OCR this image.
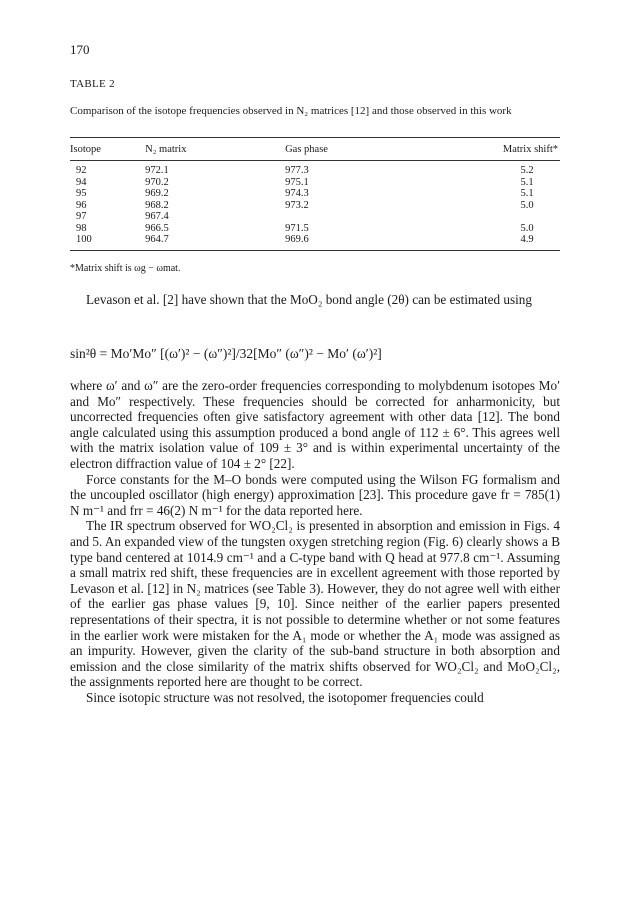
170
TABLE 2
Comparison of the isotope frequencies observed in N₂ matrices [12] and those observed in this work
Isotope	N₂ matrix	Gas phase	Matrix shift*
92	972.1	977.3	5.2
94	970.2	975.1	5.1
95	969.2	974.3	5.1
96	968.2	973.2	5.0
97	967.4		
98	966.5	971.5	5.0
100	964.7	969.6	4.9
*Matrix shift is ωg − ωmat.

Levason et al. [2] have shown that the MoO₂ bond angle (2θ) can be estimated using

sin²θ = Mo′Mo″ [(ω′)² − (ω″)²]/32[Mo″ (ω″)² − Mo′ (ω′)²]

where ω′ and ω″ are the zero-order frequencies corresponding to molybdenum isotopes Mo′ and Mo″ respectively. These frequencies should be corrected for anharmonicity, but uncorrected frequencies often give satisfactory agreement with other data [12]. The bond angle calculated using this assumption produced a bond angle of 112 ± 6°. This agrees well with the matrix isolation value of 109 ± 3° and is within experimental uncertainty of the electron diffraction value of 104 ± 2° [22].

Force constants for the M–O bonds were computed using the Wilson FG formalism and the uncoupled oscillator (high energy) approximation [23]. This procedure gave fr = 785(1) N m⁻¹ and frr = 46(2) N m⁻¹ for the data reported here.

The IR spectrum observed for WO₂Cl₂ is presented in absorption and emission in Figs. 4 and 5. An expanded view of the tungsten oxygen stretching region (Fig. 6) clearly shows a B type band centered at 1014.9 cm⁻¹ and a C-type band with Q head at 977.8 cm⁻¹. Assuming a small matrix red shift, these frequencies are in excellent agreement with those reported by Levason et al. [12] in N₂ matrices (see Table 3). However, they do not agree well with either of the earlier gas phase values [9, 10]. Since neither of the earlier papers presented representations of their spectra, it is not possible to determine whether or not some features in the earlier work were mistaken for the A₁ mode or whether the A₁ mode was assigned as an impurity. However, given the clarity of the sub-band structure in both absorption and emission and the close similarity of the matrix shifts observed for WO₂Cl₂ and MoO₂Cl₂, the assignments reported here are thought to be correct.

Since isotopic structure was not resolved, the isotopomer frequencies could
